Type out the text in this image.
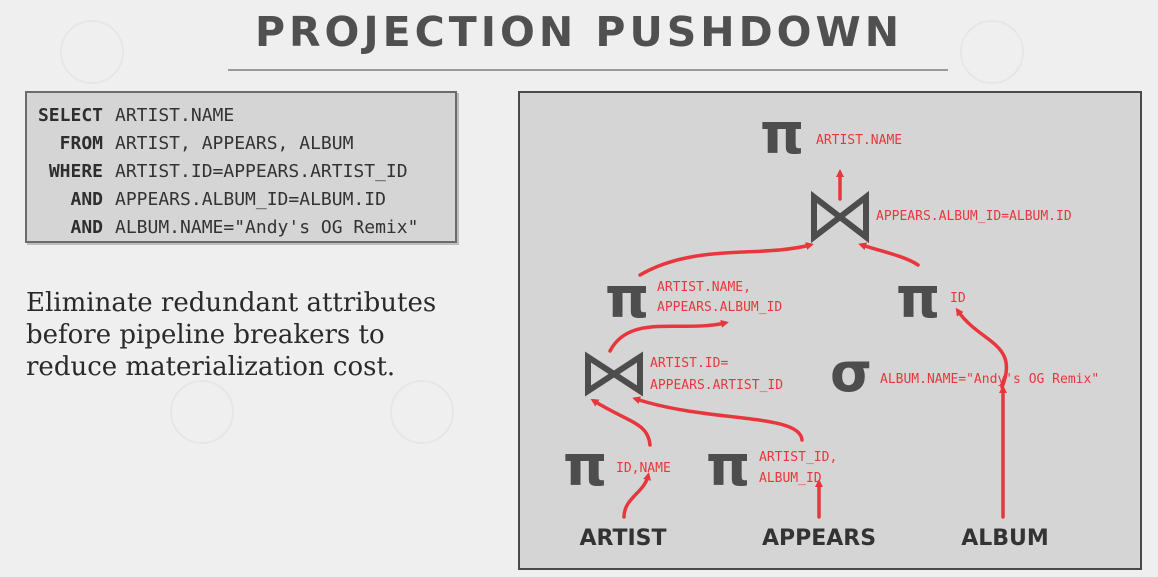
PROJECTION PUSHDOWN
SELECT ARTIST.NAME
FROM ARTIST, APPEARS, ALBUM
WHERE ARTIST.ID=APPEARS.ARTIST_ID
AND APPEARS.ALBUM_ID=ALBUM.ID
AND ALBUM.NAME="Andy's OG Remix"
Eliminate redundant attributes
before pipeline breakers to
reduce materialization cost.
π ARTIST.NAME
APPEARS.ALBUM_ID=ALBUM.ID
π ARTIST.NAME,
APPEARS.ALBUM_ID π ID
ARTIST.ID=
APPEARS.ARTIST_ID σ ALBUM.NAME="Andy's OG Remix"
π ID,NAME π ARTIST_ID,
ALBUM_ID
ARTIST	APPEARS	ALBUM
